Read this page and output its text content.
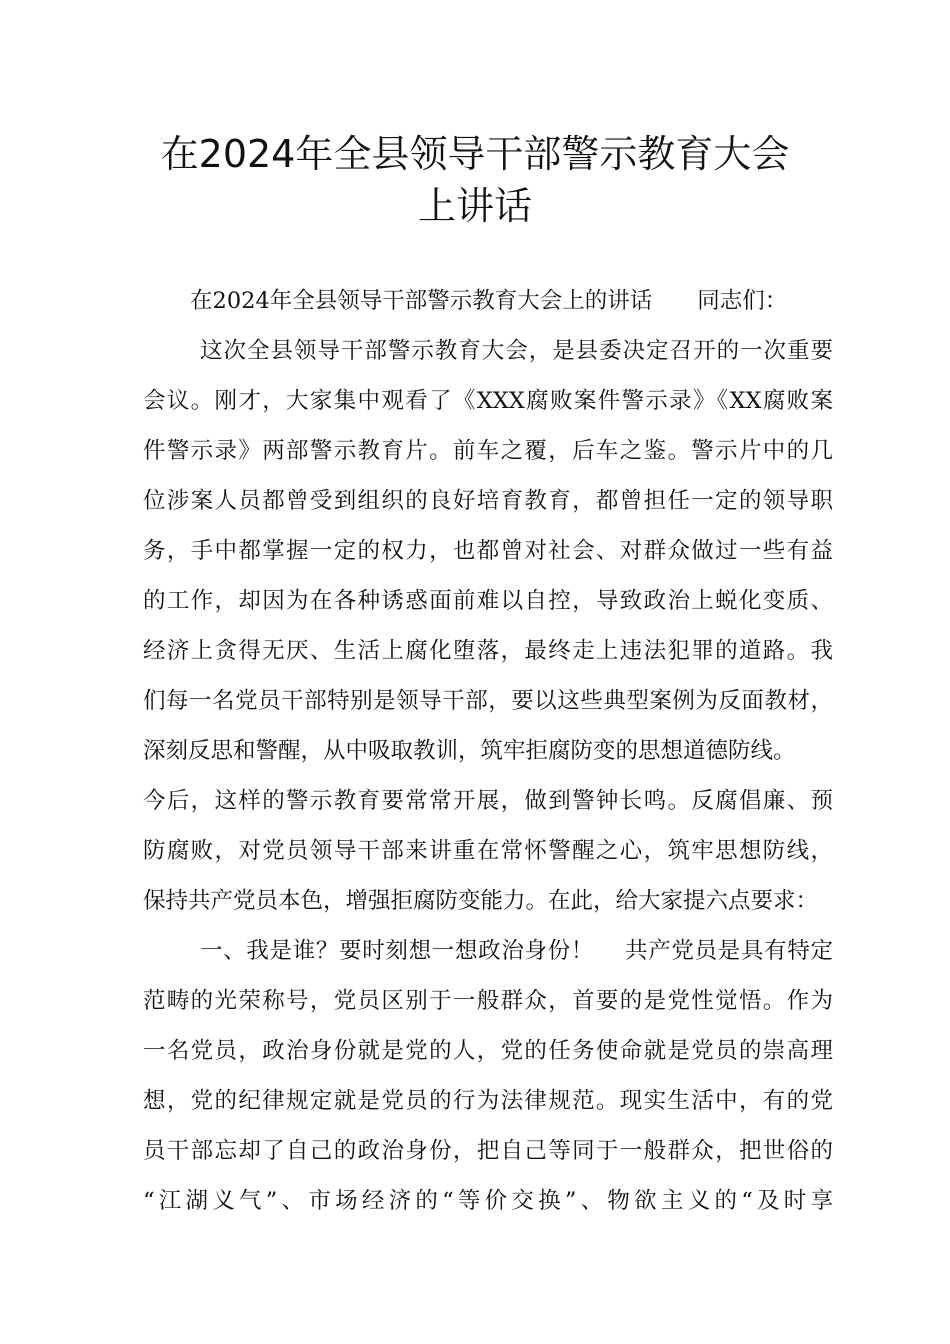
在2024年全县领导干部警示教育大会
上讲话

在2024年全县领导干部警示教育大会上的讲话　　同志们：

这次全县领导干部警示教育大会，是县委决定召开的一次重要

会议。刚才，大家集中观看了《XXX腐败案件警示录》《XX腐败案

件警示录》两部警示教育片。前车之覆，后车之鉴。警示片中的几

位涉案人员都曾受到组织的良好培育教育，都曾担任一定的领导职

务，手中都掌握一定的权力，也都曾对社会、对群众做过一些有益

的工作，却因为在各种诱惑面前难以自控，导致政治上蜕化变质、

经济上贪得无厌、生活上腐化堕落，最终走上违法犯罪的道路。我

们每一名党员干部特别是领导干部，要以这些典型案例为反面教材，

深刻反思和警醒，从中吸取教训，筑牢拒腐防变的思想道德防线。

今后，这样的警示教育要常常开展，做到警钟长鸣。反腐倡廉、预

防腐败，对党员领导干部来讲重在常怀警醒之心，筑牢思想防线，

保持共产党员本色，增强拒腐防变能力。在此，给大家提六点要求：

一、我是谁？要时刻想一想政治身份！　 共产党员是具有特定

范畴的光荣称号，党员区别于一般群众，首要的是党性觉悟。作为

一名党员，政治身份就是党的人，党的任务使命就是党员的崇高理

想，党的纪律规定就是党员的行为法律规范。现实生活中，有的党

员干部忘却了自己的政治身份，把自己等同于一般群众，把世俗的

“江湖义气”、市场经济的“等价交换”、物欲主义的“及时享
